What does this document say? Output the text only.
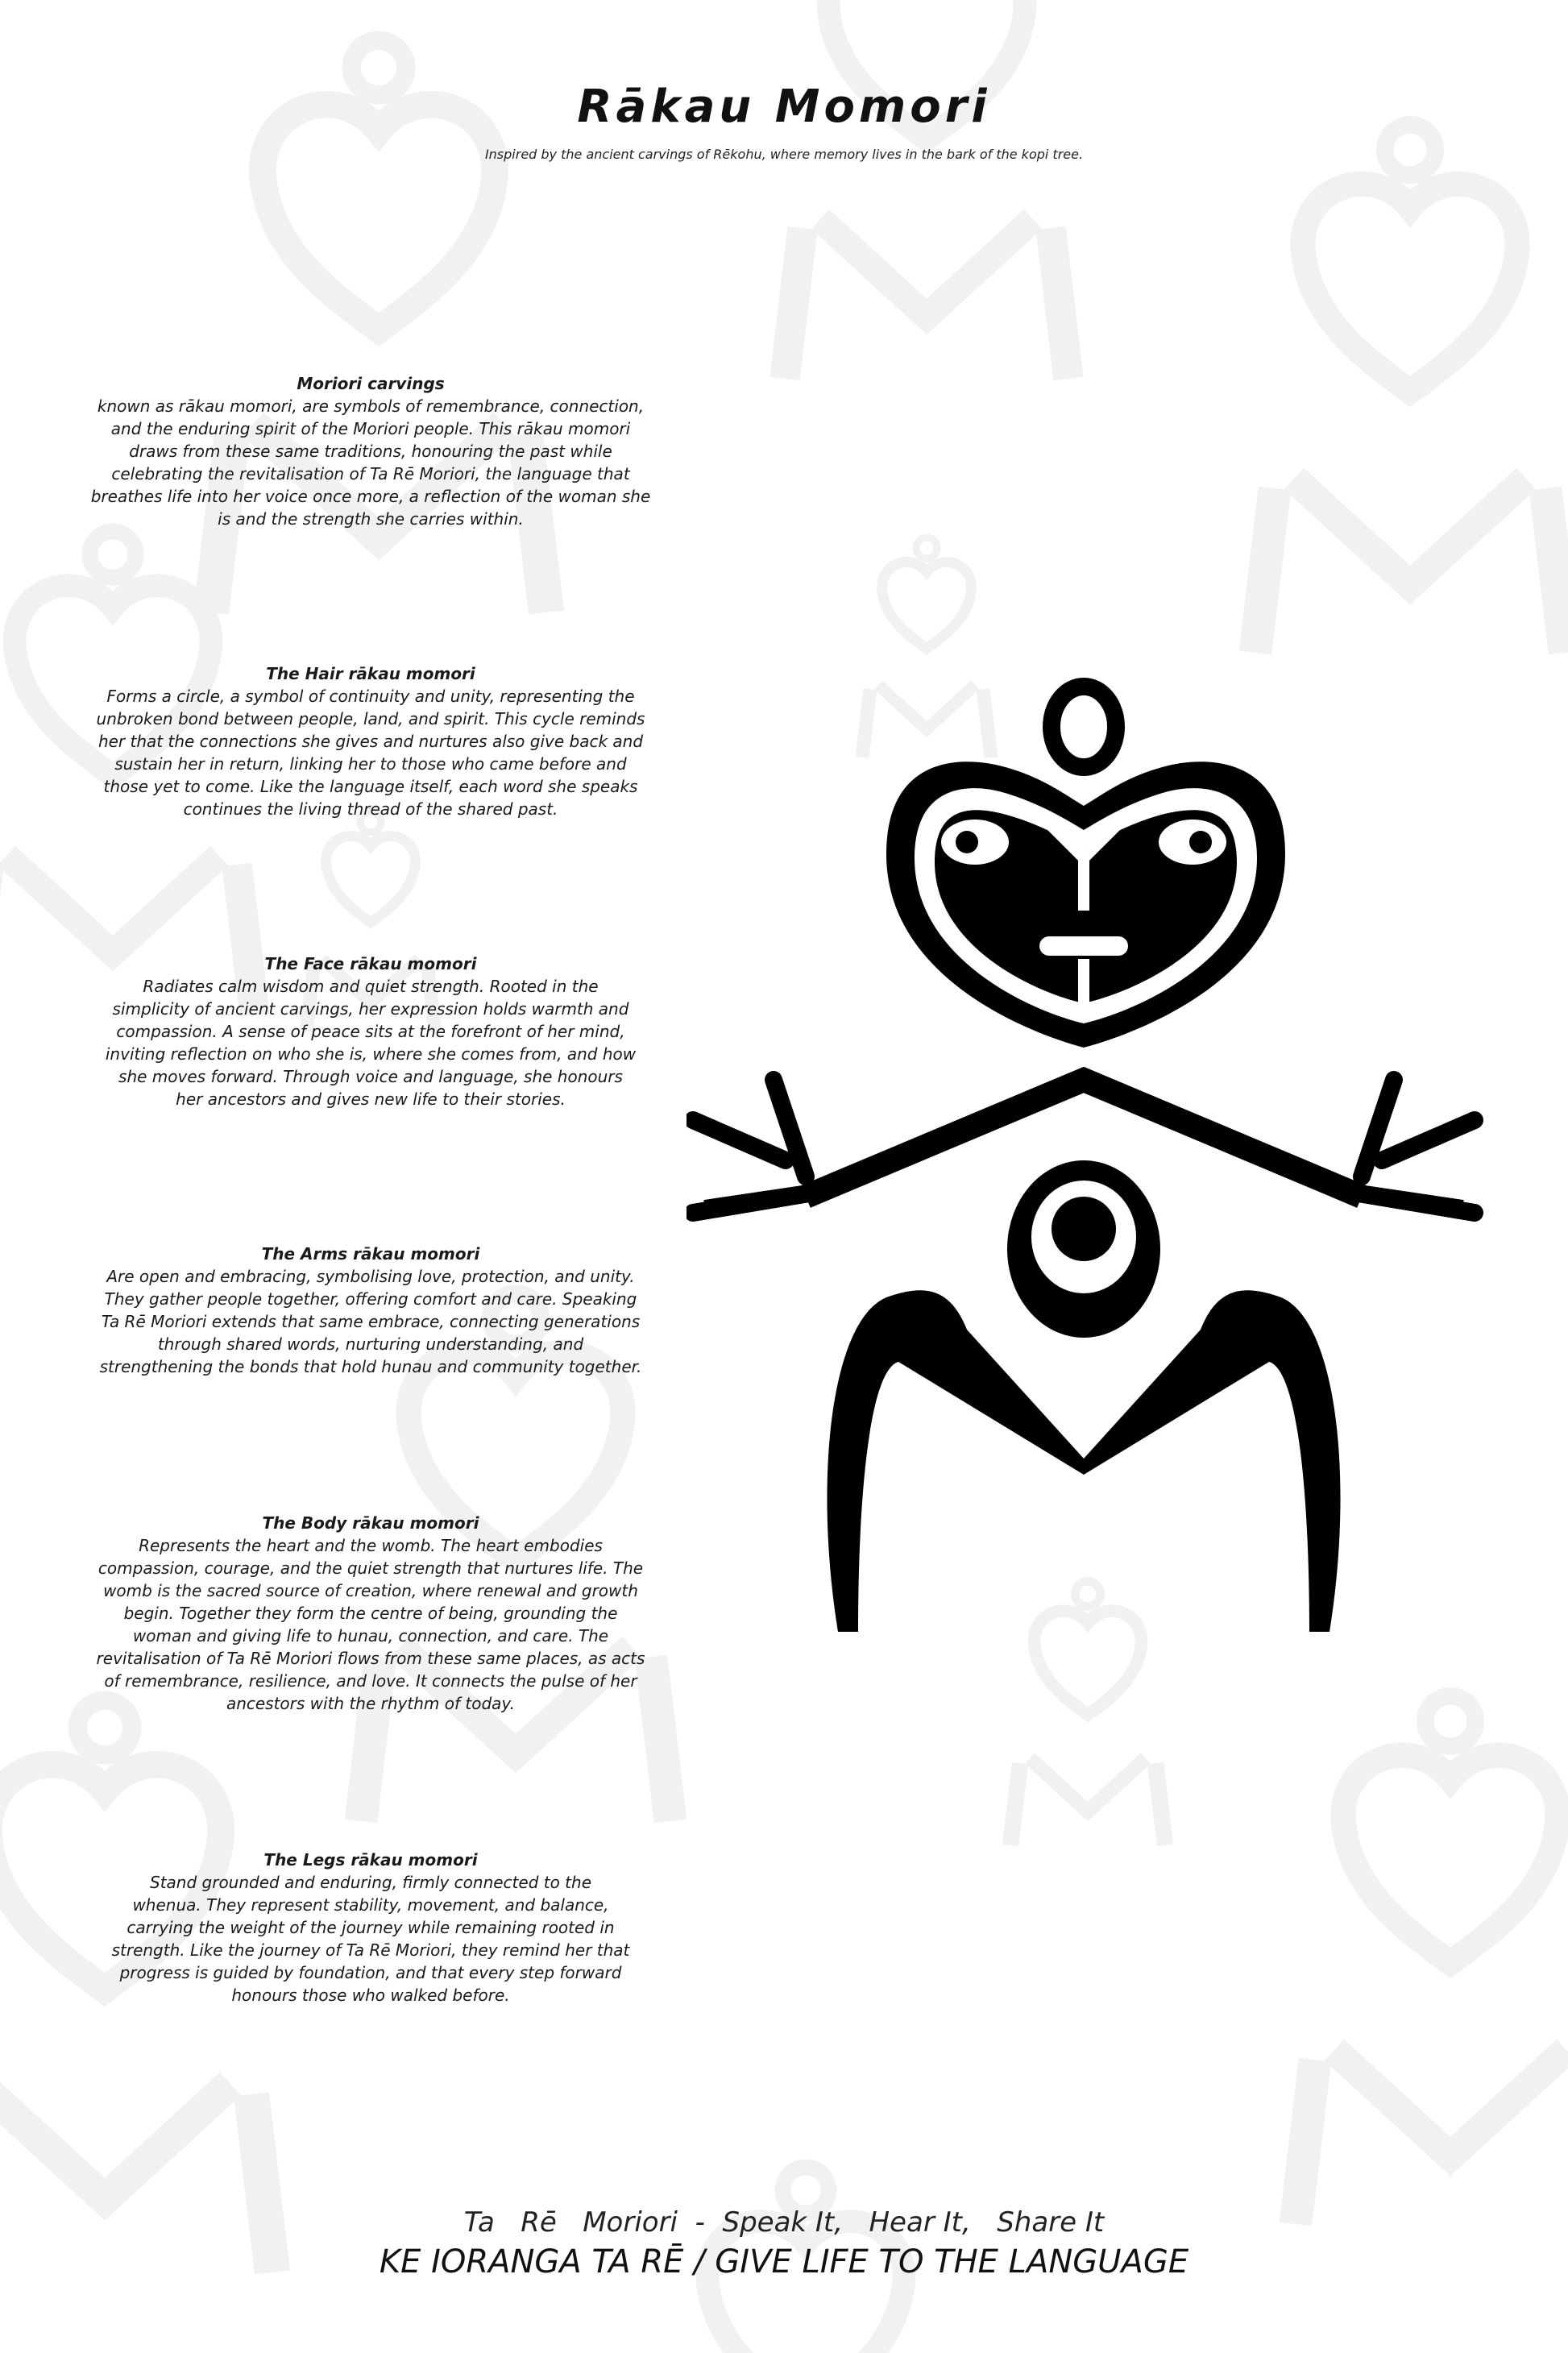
Rākau Momori
Inspired by the ancient carvings of Rēkohu, where memory lives in the bark of the kopi tree.
Moriori carvings
known as rākau momori, are symbols of remembrance, connection,
and the enduring spirit of the Moriori people. This rākau momori
draws from these same traditions, honouring the past while
celebrating the revitalisation of Ta Rē Moriori, the language that
breathes life into her voice once more, a reflection of the woman she
is and the strength she carries within.
The Hair rākau momori
Forms a circle, a symbol of continuity and unity, representing the
unbroken bond between people, land, and spirit. This cycle reminds
her that the connections she gives and nurtures also give back and
sustain her in return, linking her to those who came before and
those yet to come. Like the language itself, each word she speaks
continues the living thread of the shared past.
The Face rākau momori
Radiates calm wisdom and quiet strength. Rooted in the
simplicity of ancient carvings, her expression holds warmth and
compassion. A sense of peace sits at the forefront of her mind,
inviting reflection on who she is, where she comes from, and how
she moves forward. Through voice and language, she honours
her ancestors and gives new life to their stories.
The Arms rākau momori
Are open and embracing, symbolising love, protection, and unity.
They gather people together, offering comfort and care. Speaking
Ta Rē Moriori extends that same embrace, connecting generations
through shared words, nurturing understanding, and
strengthening the bonds that hold hunau and community together.
The Body rākau momori
Represents the heart and the womb. The heart embodies
compassion, courage, and the quiet strength that nurtures life. The
womb is the sacred source of creation, where renewal and growth
begin. Together they form the centre of being, grounding the
woman and giving life to hunau, connection, and care. The
revitalisation of Ta Rē Moriori flows from these same places, as acts
of remembrance, resilience, and love. It connects the pulse of her
ancestors with the rhythm of today.
The Legs rākau momori
Stand grounded and enduring, firmly connected to the
whenua. They represent stability, movement, and balance,
carrying the weight of the journey while remaining rooted in
strength. Like the journey of Ta Rē Moriori, they remind her that
progress is guided by foundation, and that every step forward
honours those who walked before.
Ta   Rē   Moriori  -  Speak It,   Hear It,   Share It
KE IORANGA TA RĒ / GIVE LIFE TO THE LANGUAGE
